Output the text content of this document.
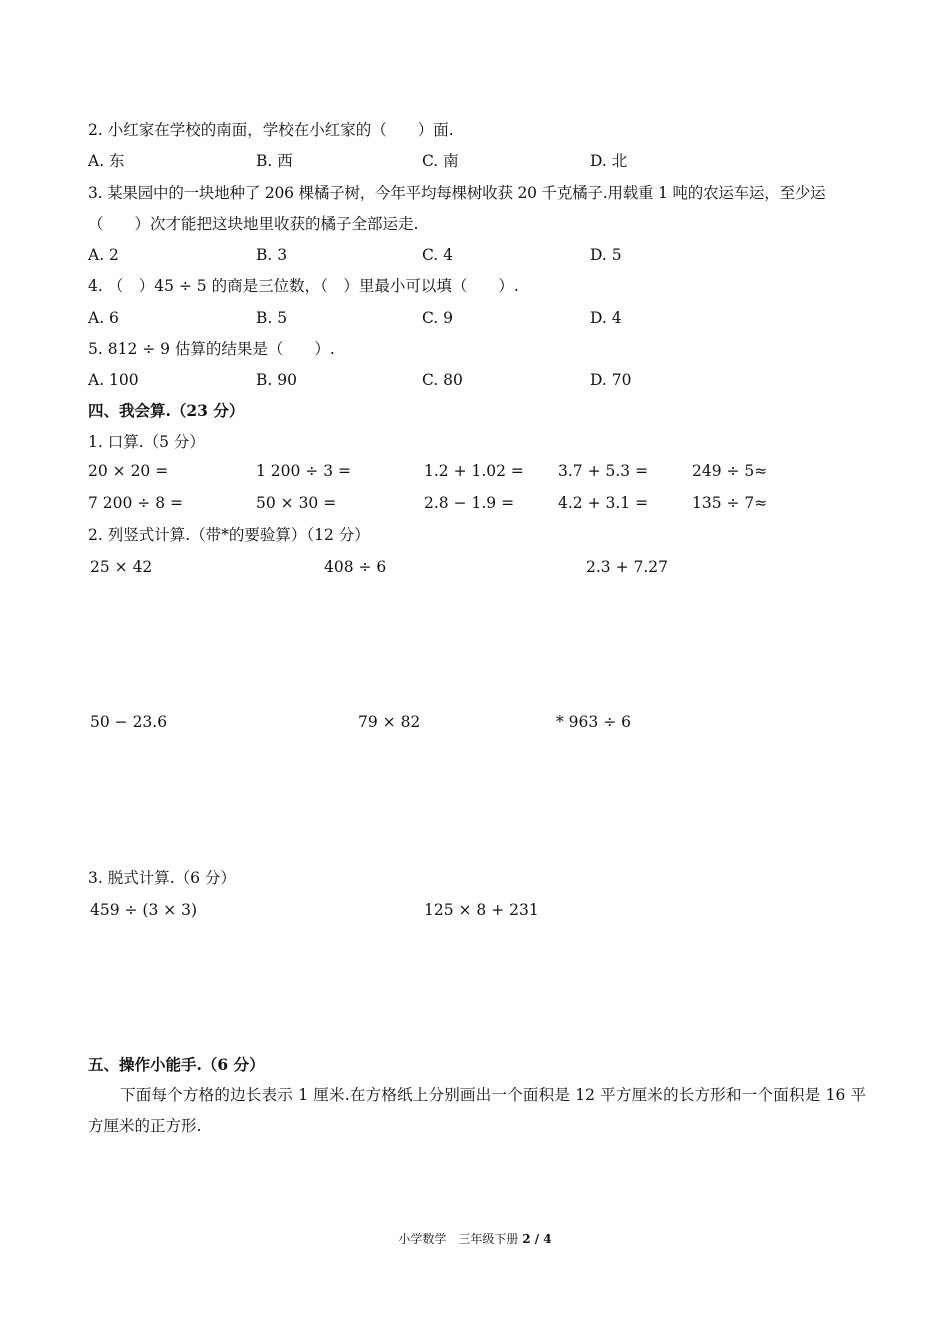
2. 小红家在学校的南面，学校在小红家的（　　）面.
A. 东	B. 西	C. 南	D. 北
3. 某果园中的一块地种了 206 棵橘子树，今年平均每棵树收获 20 千克橘子.用载重 1 吨的农运车运，至少运
（　　）次才能把这块地里收获的橘子全部运走.
A. 2	B. 3	C. 4	D. 5
4. （　）45 ÷ 5 的商是三位数，（　）里最小可以填（　　）.
A. 6	B. 5	C. 9	D. 4
5. 812 ÷ 9 估算的结果是（　　）.
A. 100	B. 90	C. 80	D. 70
四、我会算.（23 分）
1. 口算.（5 分）
20 × 20 =	1 200 ÷ 3 =	1.2 + 1.02 = 3.7 + 5.3 =	249 ÷ 5≈
7 200 ÷ 8 =	50 × 30 =	2.8 − 1.9 =	4.2 + 3.1 =	135 ÷ 7≈
2. 列竖式计算.（带*的要验算）（12 分）
25 × 42	408 ÷ 6	2.3 + 7.27
50 − 23.6	79 × 82	* 963 ÷ 6
3. 脱式计算.（6 分）
459 ÷ (3 × 3)	125 × 8 + 231
五、操作小能手.（6 分）
下面每个方格的边长表示 1 厘米.在方格纸上分别画出一个面积是 12 平方厘米的长方形和一个面积是 16 平方厘米的正方形.
小学数学　三年级下册 2 / 4
